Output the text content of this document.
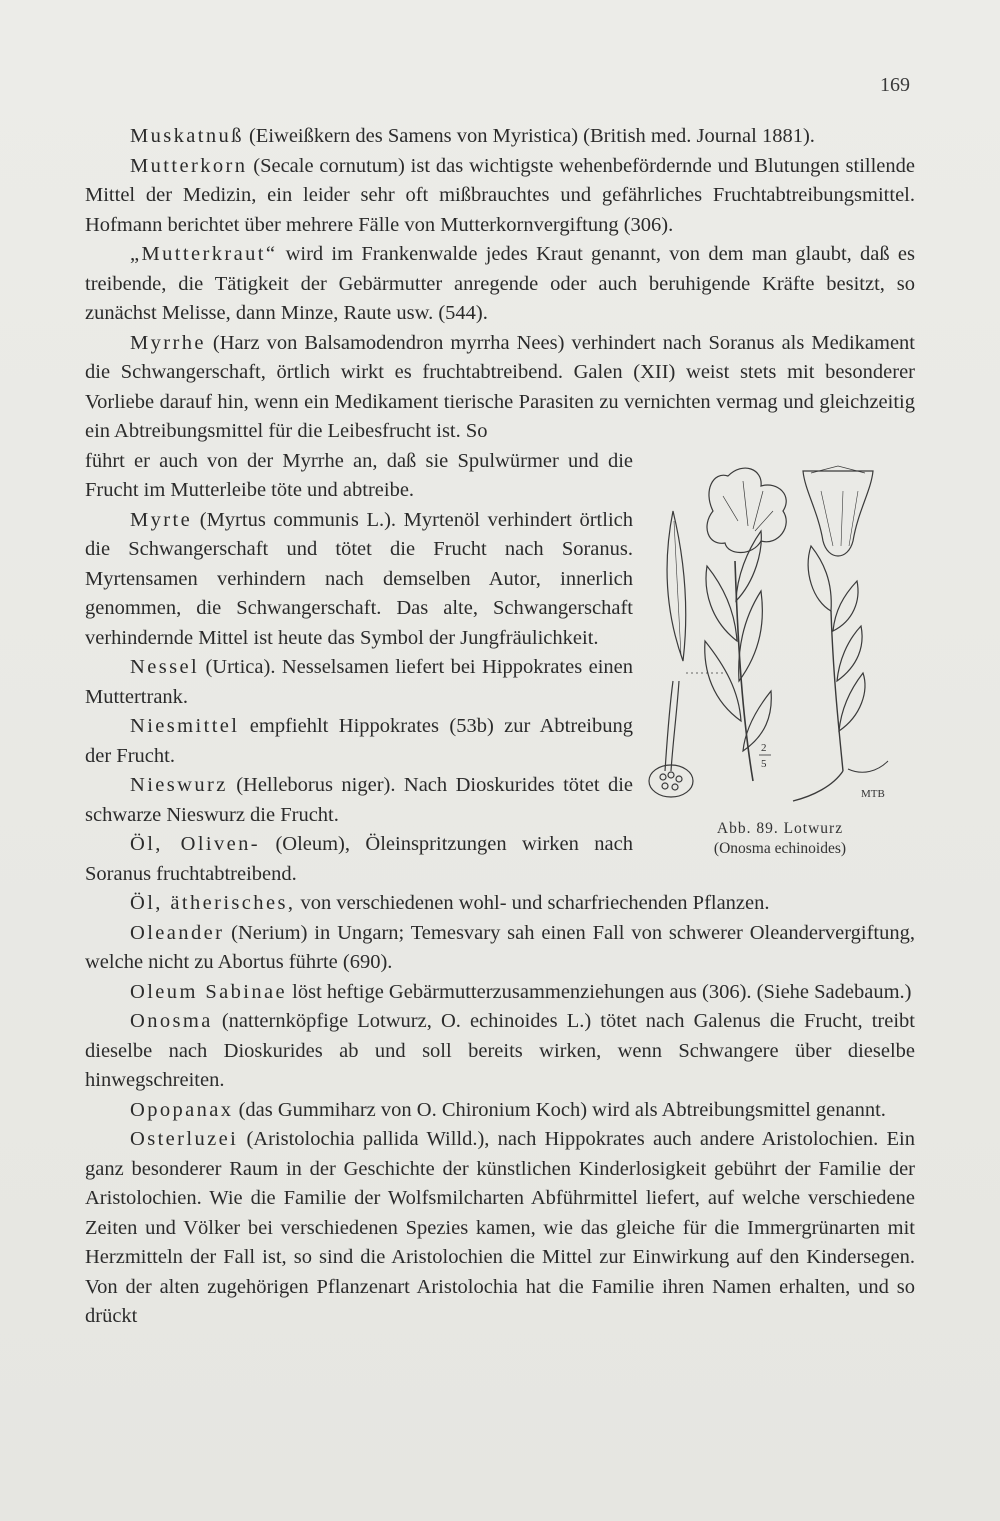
169

Muskatnuß (Eiweißkern des Samens von Myristica) (British med. Journal 1881).

Mutterkorn (Secale cornutum) ist das wichtigste wehenbefördernde und Blutungen stillende Mittel der Medizin, ein leider sehr oft mißbrauchtes und gefährliches Fruchtabtreibungsmittel. Hofmann berichtet über mehrere Fälle von Mutterkornvergiftung (306).

„Mutterkraut“ wird im Frankenwalde jedes Kraut genannt, von dem man glaubt, daß es treibende, die Tätigkeit der Gebärmutter anregende oder auch beruhigende Kräfte besitzt, so zunächst Melisse, dann Minze, Raute usw. (544).

Myrrhe (Harz von Balsamodendron myrrha Nees) verhindert nach Soranus als Medikament die Schwangerschaft, örtlich wirkt es fruchtabtreibend. Galen (XII) weist stets mit besonderer Vorliebe darauf hin, wenn ein Medikament tierische Parasiten zu vernichten vermag und gleichzeitig ein Abtreibungsmittel für die Leibesfrucht ist. So

2
5
MTB
Abb. 89. Lotwurz
(Onosma echinoides)

führt er auch von der Myrrhe an, daß sie Spulwürmer und die Frucht im Mutterleibe töte und abtreibe.

Myrte (Myrtus communis L.). Myrtenöl verhindert örtlich die Schwangerschaft und tötet die Frucht nach Soranus. Myrtensamen verhindern nach demselben Autor, innerlich genommen, die Schwangerschaft. Das alte, Schwangerschaft verhindernde Mittel ist heute das Symbol der Jungfräulichkeit.

Nessel (Urtica). Nesselsamen liefert bei Hippokrates einen Muttertrank.

Niesmittel empfiehlt Hippokrates (53b) zur Abtreibung der Frucht.

Nieswurz (Helleborus niger). Nach Dioskurides tötet die schwarze Nieswurz die Frucht.

Öl, Oliven- (Oleum), Öleinspritzungen wirken nach Soranus fruchtabtreibend.

Öl, ätherisches, von verschiedenen wohl- und scharfriechenden Pflanzen.

Oleander (Nerium) in Ungarn; Temesvary sah einen Fall von schwerer Oleandervergiftung, welche nicht zu Abortus führte (690).

Oleum Sabinae löst heftige Gebärmutterzusammenziehungen aus (306). (Siehe Sadebaum.)

Onosma (natternköpfige Lotwurz, O. echinoides L.) tötet nach Galenus die Frucht, treibt dieselbe nach Dioskurides ab und soll bereits wirken, wenn Schwangere über dieselbe hinwegschreiten.

Opopanax (das Gummiharz von O. Chironium Koch) wird als Abtreibungsmittel genannt.

Osterluzei (Aristolochia pallida Willd.), nach Hippokrates auch andere Aristolochien. Ein ganz besonderer Raum in der Geschichte der künstlichen Kinderlosigkeit gebührt der Familie der Aristolochien. Wie die Familie der Wolfsmilcharten Abführmittel liefert, auf welche verschiedene Zeiten und Völker bei verschiedenen Spezies kamen, wie das gleiche für die Immergrünarten mit Herzmitteln der Fall ist, so sind die Aristolochien die Mittel zur Einwirkung auf den Kindersegen. Von der alten zugehörigen Pflanzenart Aristolochia hat die Familie ihren Namen erhalten, und so drückt
